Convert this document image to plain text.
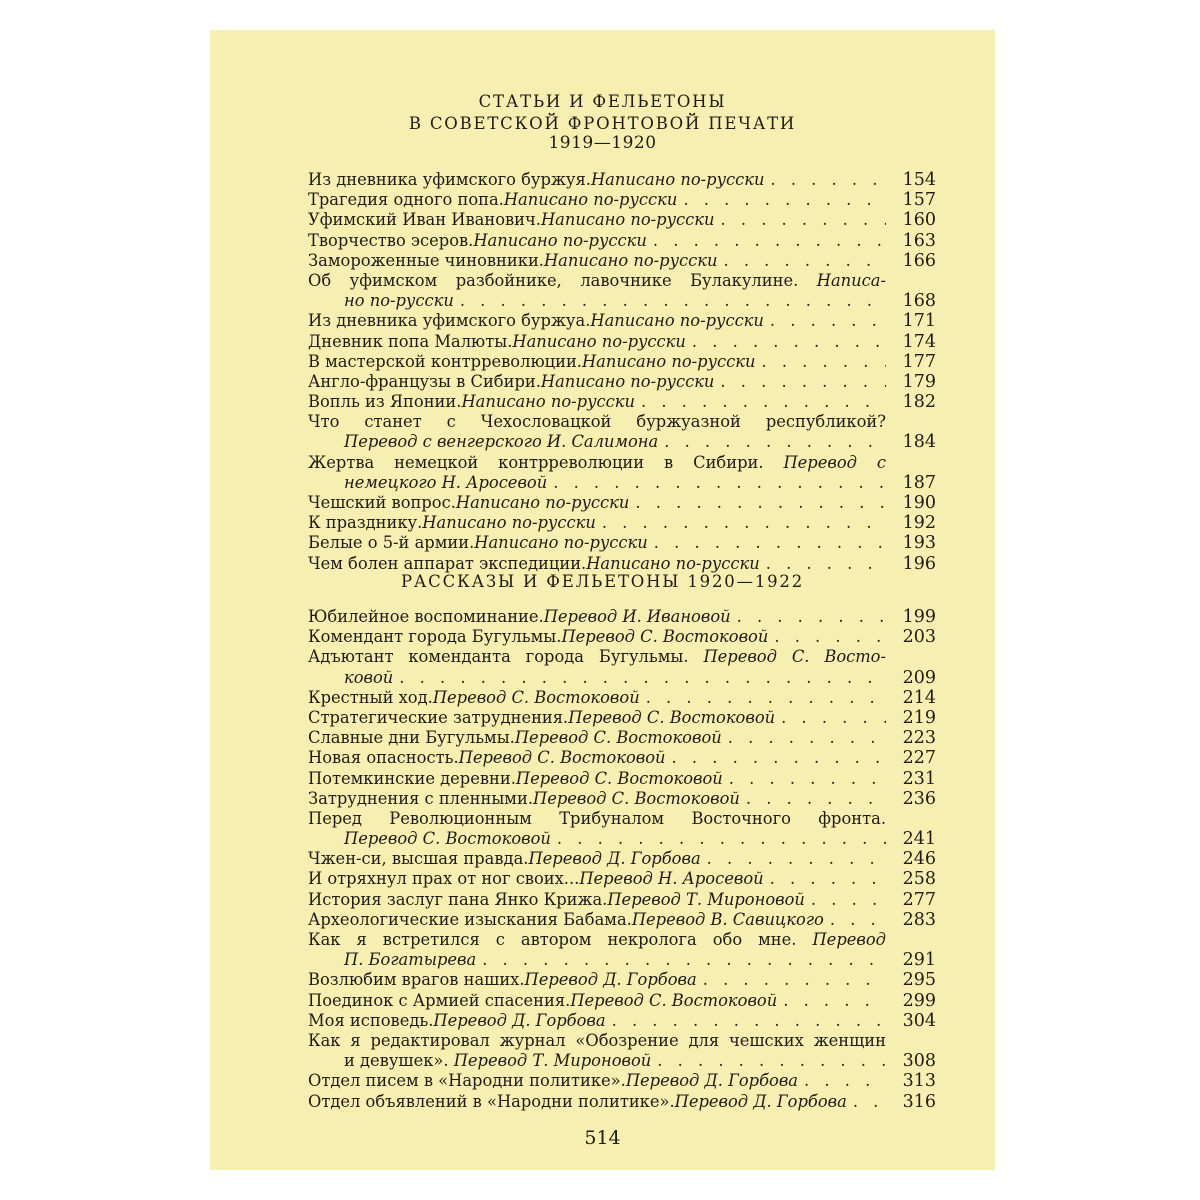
СТАТЬИ И ФЕЛЬЕТОНЫ
В СОВЕТСКОЙ ФРОНТОВОЙ ПЕЧАТИ
1919—1920
Из дневника уфимского буржуя. Написано по-русски . . .	154
Трагедия одного попа. Написано по-русски . . .	157
Уфимский Иван Иванович. Написано по-русски . . .	160
Творчество эсеров. Написано по-русски . . .	163
Замороженные чиновники. Написано по-русски . . .	166
Об уфимском разбойнике, лавочнике Булакулине. Написа-
но по-русски . . .	168
Из дневника уфимского буржуа. Написано по-русски . . .	171
Дневник попа Малюты. Написано по-русски . . .	174
В мастерской контрреволюции. Написано по-русски . . .	177
Англо-французы в Сибири. Написано по-русски . . .	179
Вопль из Японии. Написано по-русски . . .	182
Что станет с Чехословацкой буржуазной республикой?
Перевод с венгерского И. Салимона . . .	184
Жертва немецкой контрреволюции в Сибири. Перевод с
немецкого Н. Аросевой . . .	187
Чешский вопрос. Написано по-русски . . .	190
К празднику. Написано по-русски . . .	192
Белые о 5-й армии. Написано по-русски . . .	193
Чем болен аппарат экспедиции. Написано по-русски . . .	196
РАССКАЗЫ И ФЕЛЬЕТОНЫ 1920—1922
Юбилейное воспоминание. Перевод И. Ивановой . . .	199
Комендант города Бугульмы. Перевод С. Востоковой . . .	203
Адъютант коменданта города Бугульмы. Перевод С. Восто-
ковой . . .	209
Крестный ход. Перевод С. Востоковой . . .	214
Стратегические затруднения. Перевод С. Востоковой . . .	219
Славные дни Бугульмы. Перевод С. Востоковой . . .	223
Новая опасность. Перевод С. Востоковой . . .	227
Потемкинские деревни. Перевод С. Востоковой . . .	231
Затруднения с пленными. Перевод С. Востоковой . . .	236
Перед Революционным Трибуналом Восточного фронта.
Перевод С. Востоковой . . .	241
Чжен-си, высшая правда. Перевод Д. Горбова . . .	246
И отряхнул прах от ног своих... Перевод Н. Аросевой . . .	258
История заслуг пана Янко Крижа. Перевод Т. Мироновой . . .	277
Археологические изыскания Бабама. Перевод В. Савицкого . . .	283
Как я встретился с автором некролога обо мне. Перевод
П. Богатырева . . .	291
Возлюбим врагов наших. Перевод Д. Горбова . . .	295
Поединок с Армией спасения. Перевод С. Востоковой . . .	299
Моя исповедь. Перевод Д. Горбова . . .	304
Как я редактировал журнал «Обозрение для чешских женщин
и девушек».
Перевод Т. Мироновой . . .	308
Отдел писем в «Народни политике». Перевод Д. Горбова . . .	313
Отдел объявлений в «Народни политике». Перевод Д. Горбова . . .	316
514
